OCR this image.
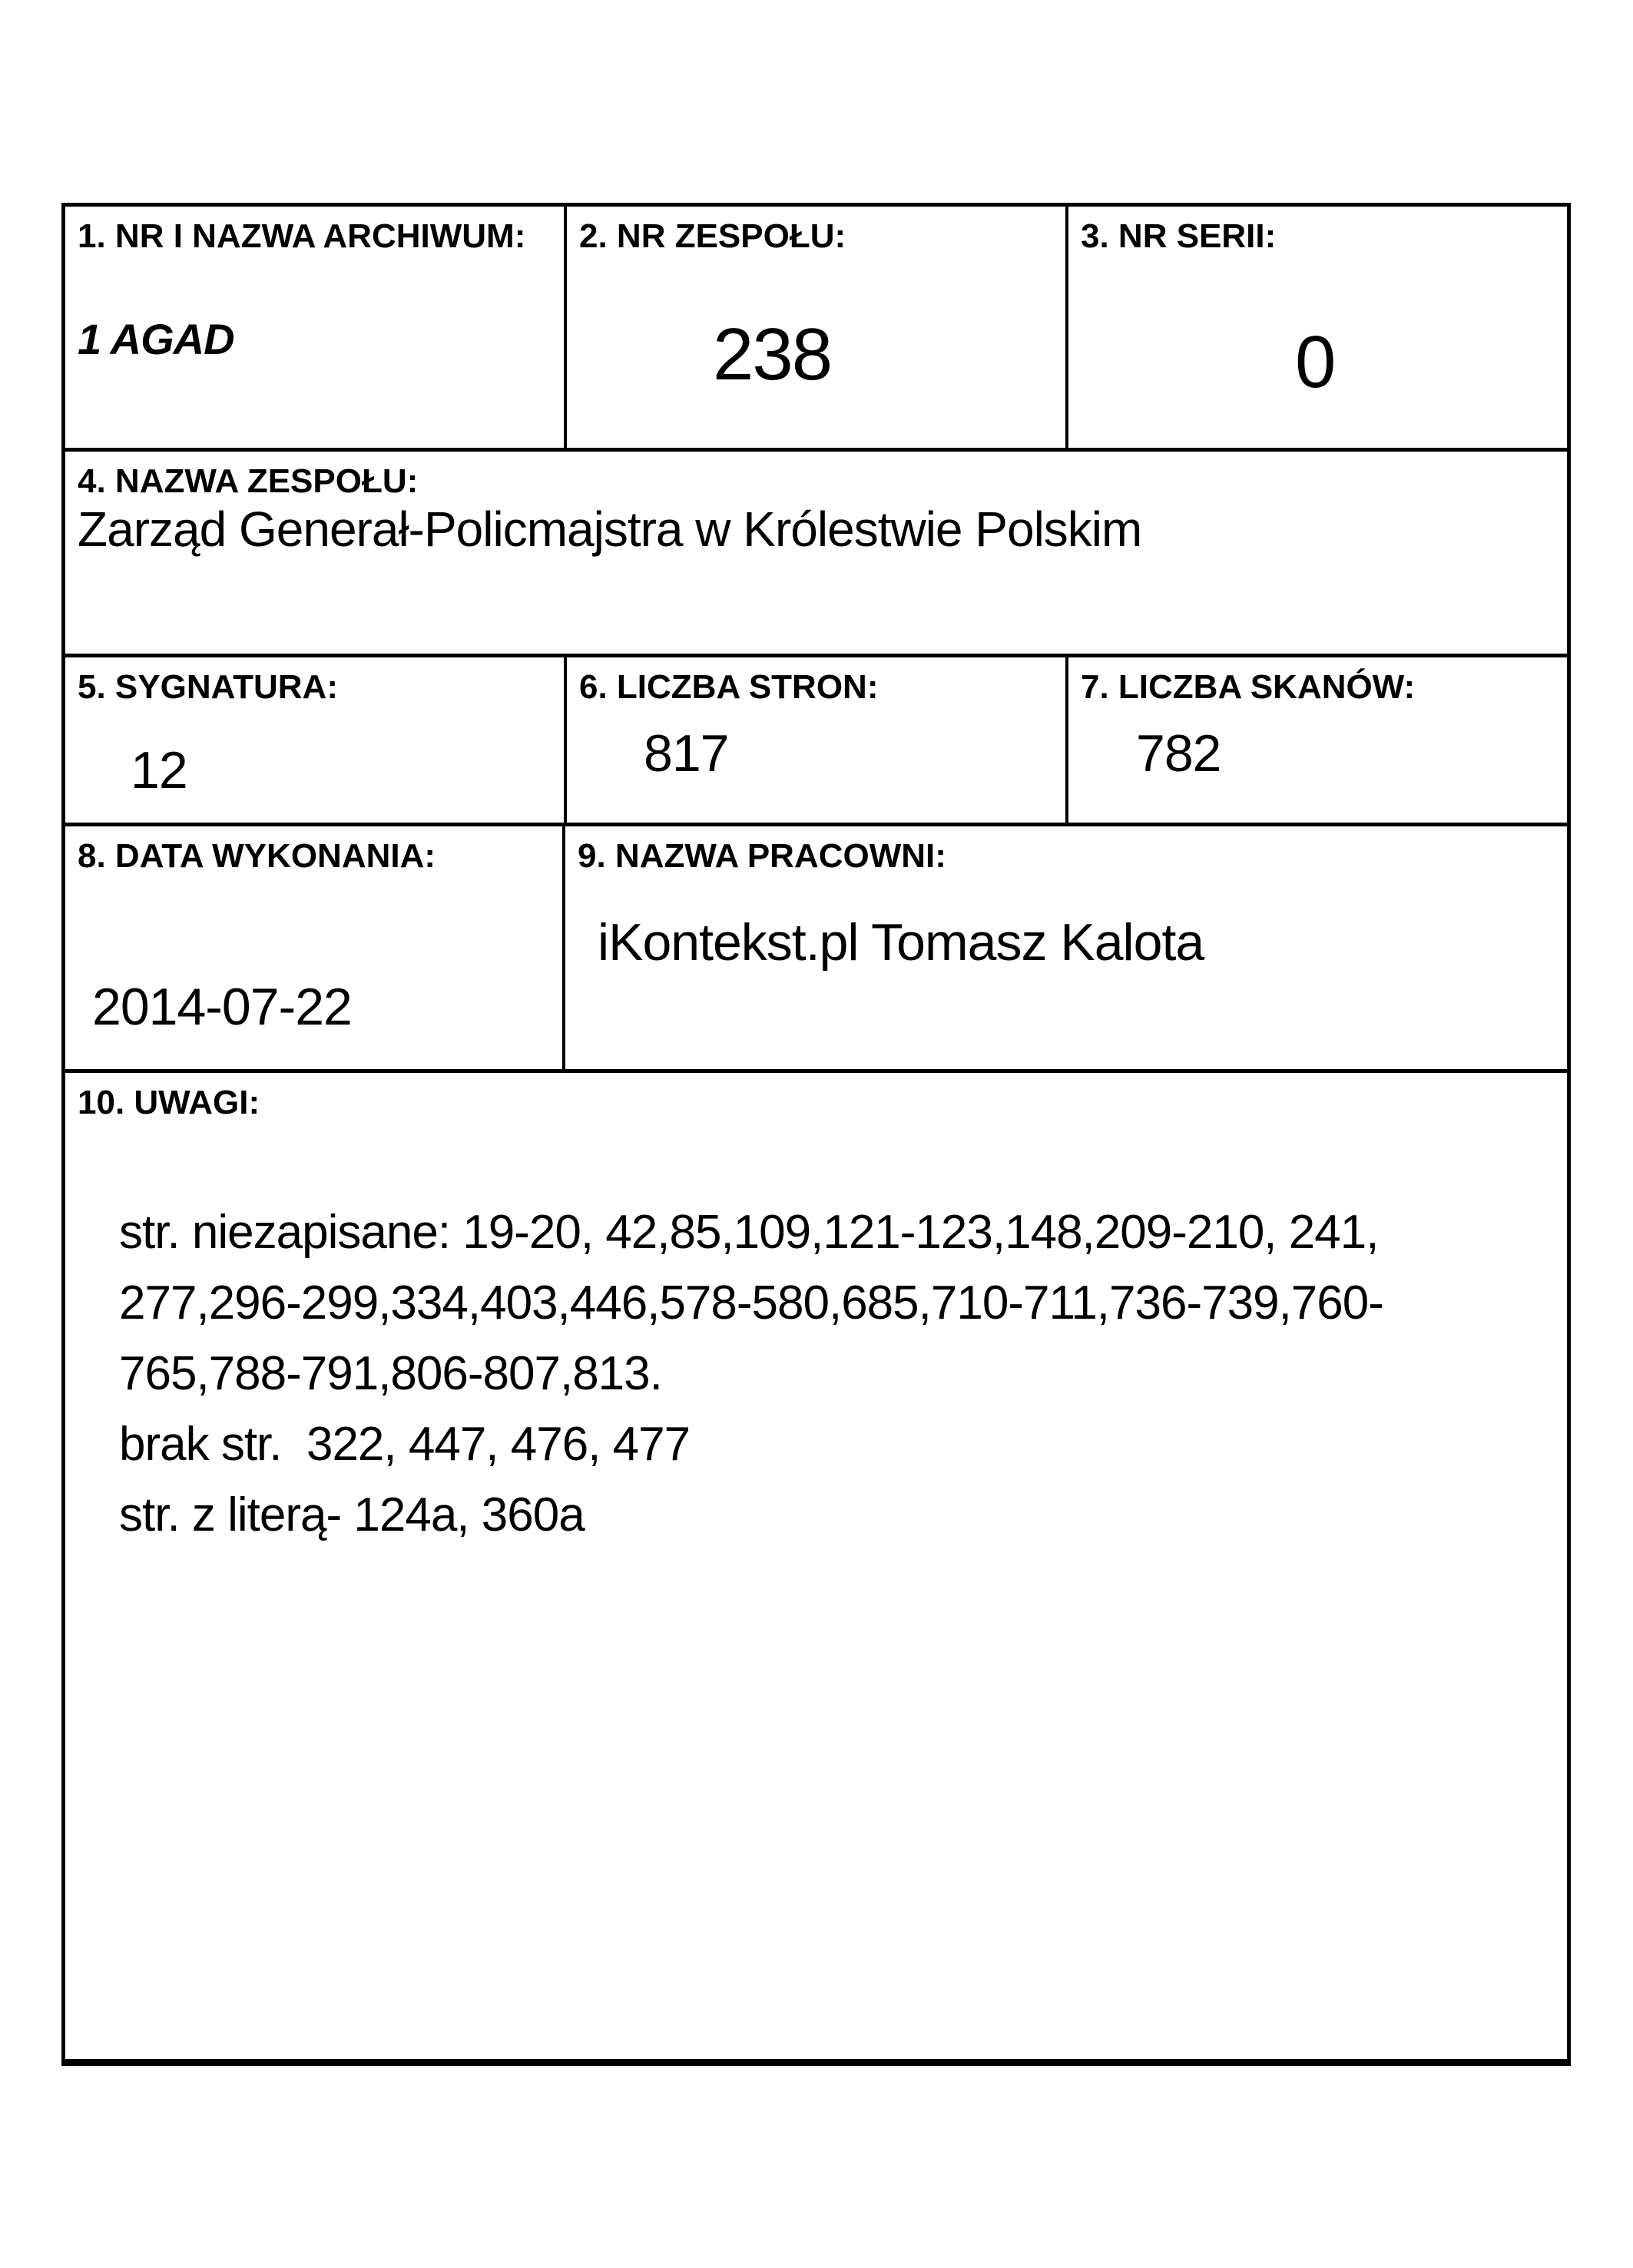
1. NR I NAZWA ARCHIWUM:
1 AGAD
2. NR ZESPOŁU:
238
3. NR SERII:
0
4. NAZWA ZESPOŁU:
Zarząd Generał-Policmajstra w Królestwie Polskim
5. SYGNATURA:
12
6. LICZBA STRON:
817
7. LICZBA SKANÓW:
782
8. DATA WYKONANIA:
2014-07-22
9. NAZWA PRACOWNI:
iKontekst.pl Tomasz Kalota
10. UWAGI:
str. niezapisane: 19-20, 42,85,109,121-123,148,209-210, 241,
277,296-299,334,403,446,578-580,685,710-711,736-739,760-
765,788-791,806-807,813.
brak str.  322, 447, 476, 477
str. z literą- 124a, 360a
